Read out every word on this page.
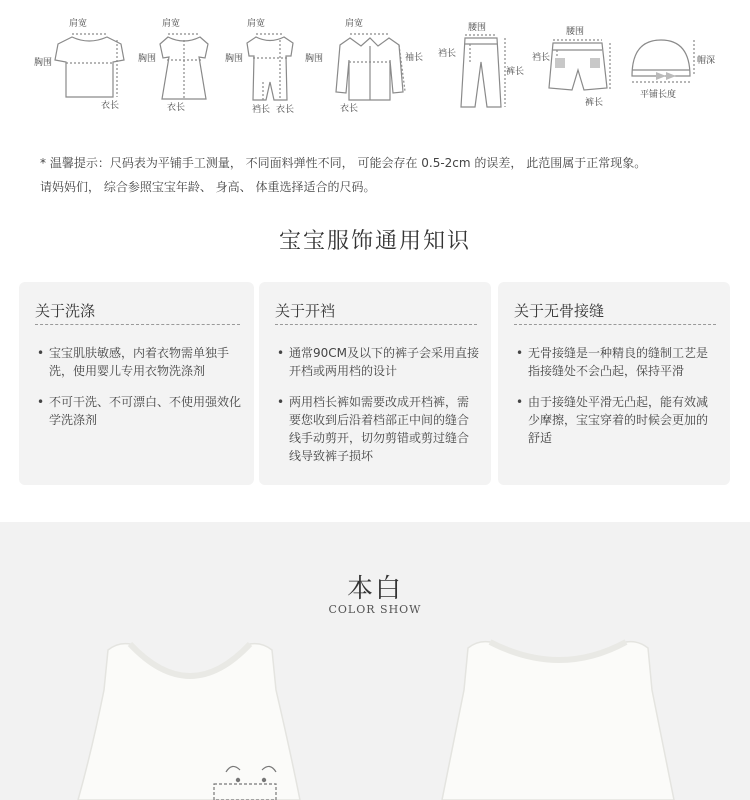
肩宽
胸围
衣长
肩宽
胸围
衣长
肩宽
胸围
裆长 衣长
肩宽
胸围	袖长
衣长
腰围
裆长
裤长
腰围
裆长
裤长
帽深
平铺长度
* 温馨提示：尺码表为平铺手工测量， 不同面料弹性不同， 可能会存在 0.5-2cm 的误差， 此范围属于正常现象。
请妈妈们， 综合参照宝宝年龄、 身高、 体重选择适合的尺码。
宝宝服饰通用知识
关于洗涤
• 宝宝肌肤敏感，内着衣物需单独手洗，使用婴儿专用衣物洗涤剂
• 不可干洗、不可漂白、不使用强效化学洗涤剂
关于开裆
• 通常90CM及以下的裤子会采用直接开档或两用档的设计
• 两用档长裤如需要改成开档裤，需要您收到后沿着档部正中间的缝合线手动剪开，切勿剪错或剪过缝合线导致裤子损坏
关于无骨接缝
• 无骨接缝是一种精良的缝制工艺是指接缝处不会凸起，保持平滑
• 由于接缝处平滑无凸起，能有效减少摩擦，宝宝穿着的时候会更加的舒适
本白
COLOR SHOW
